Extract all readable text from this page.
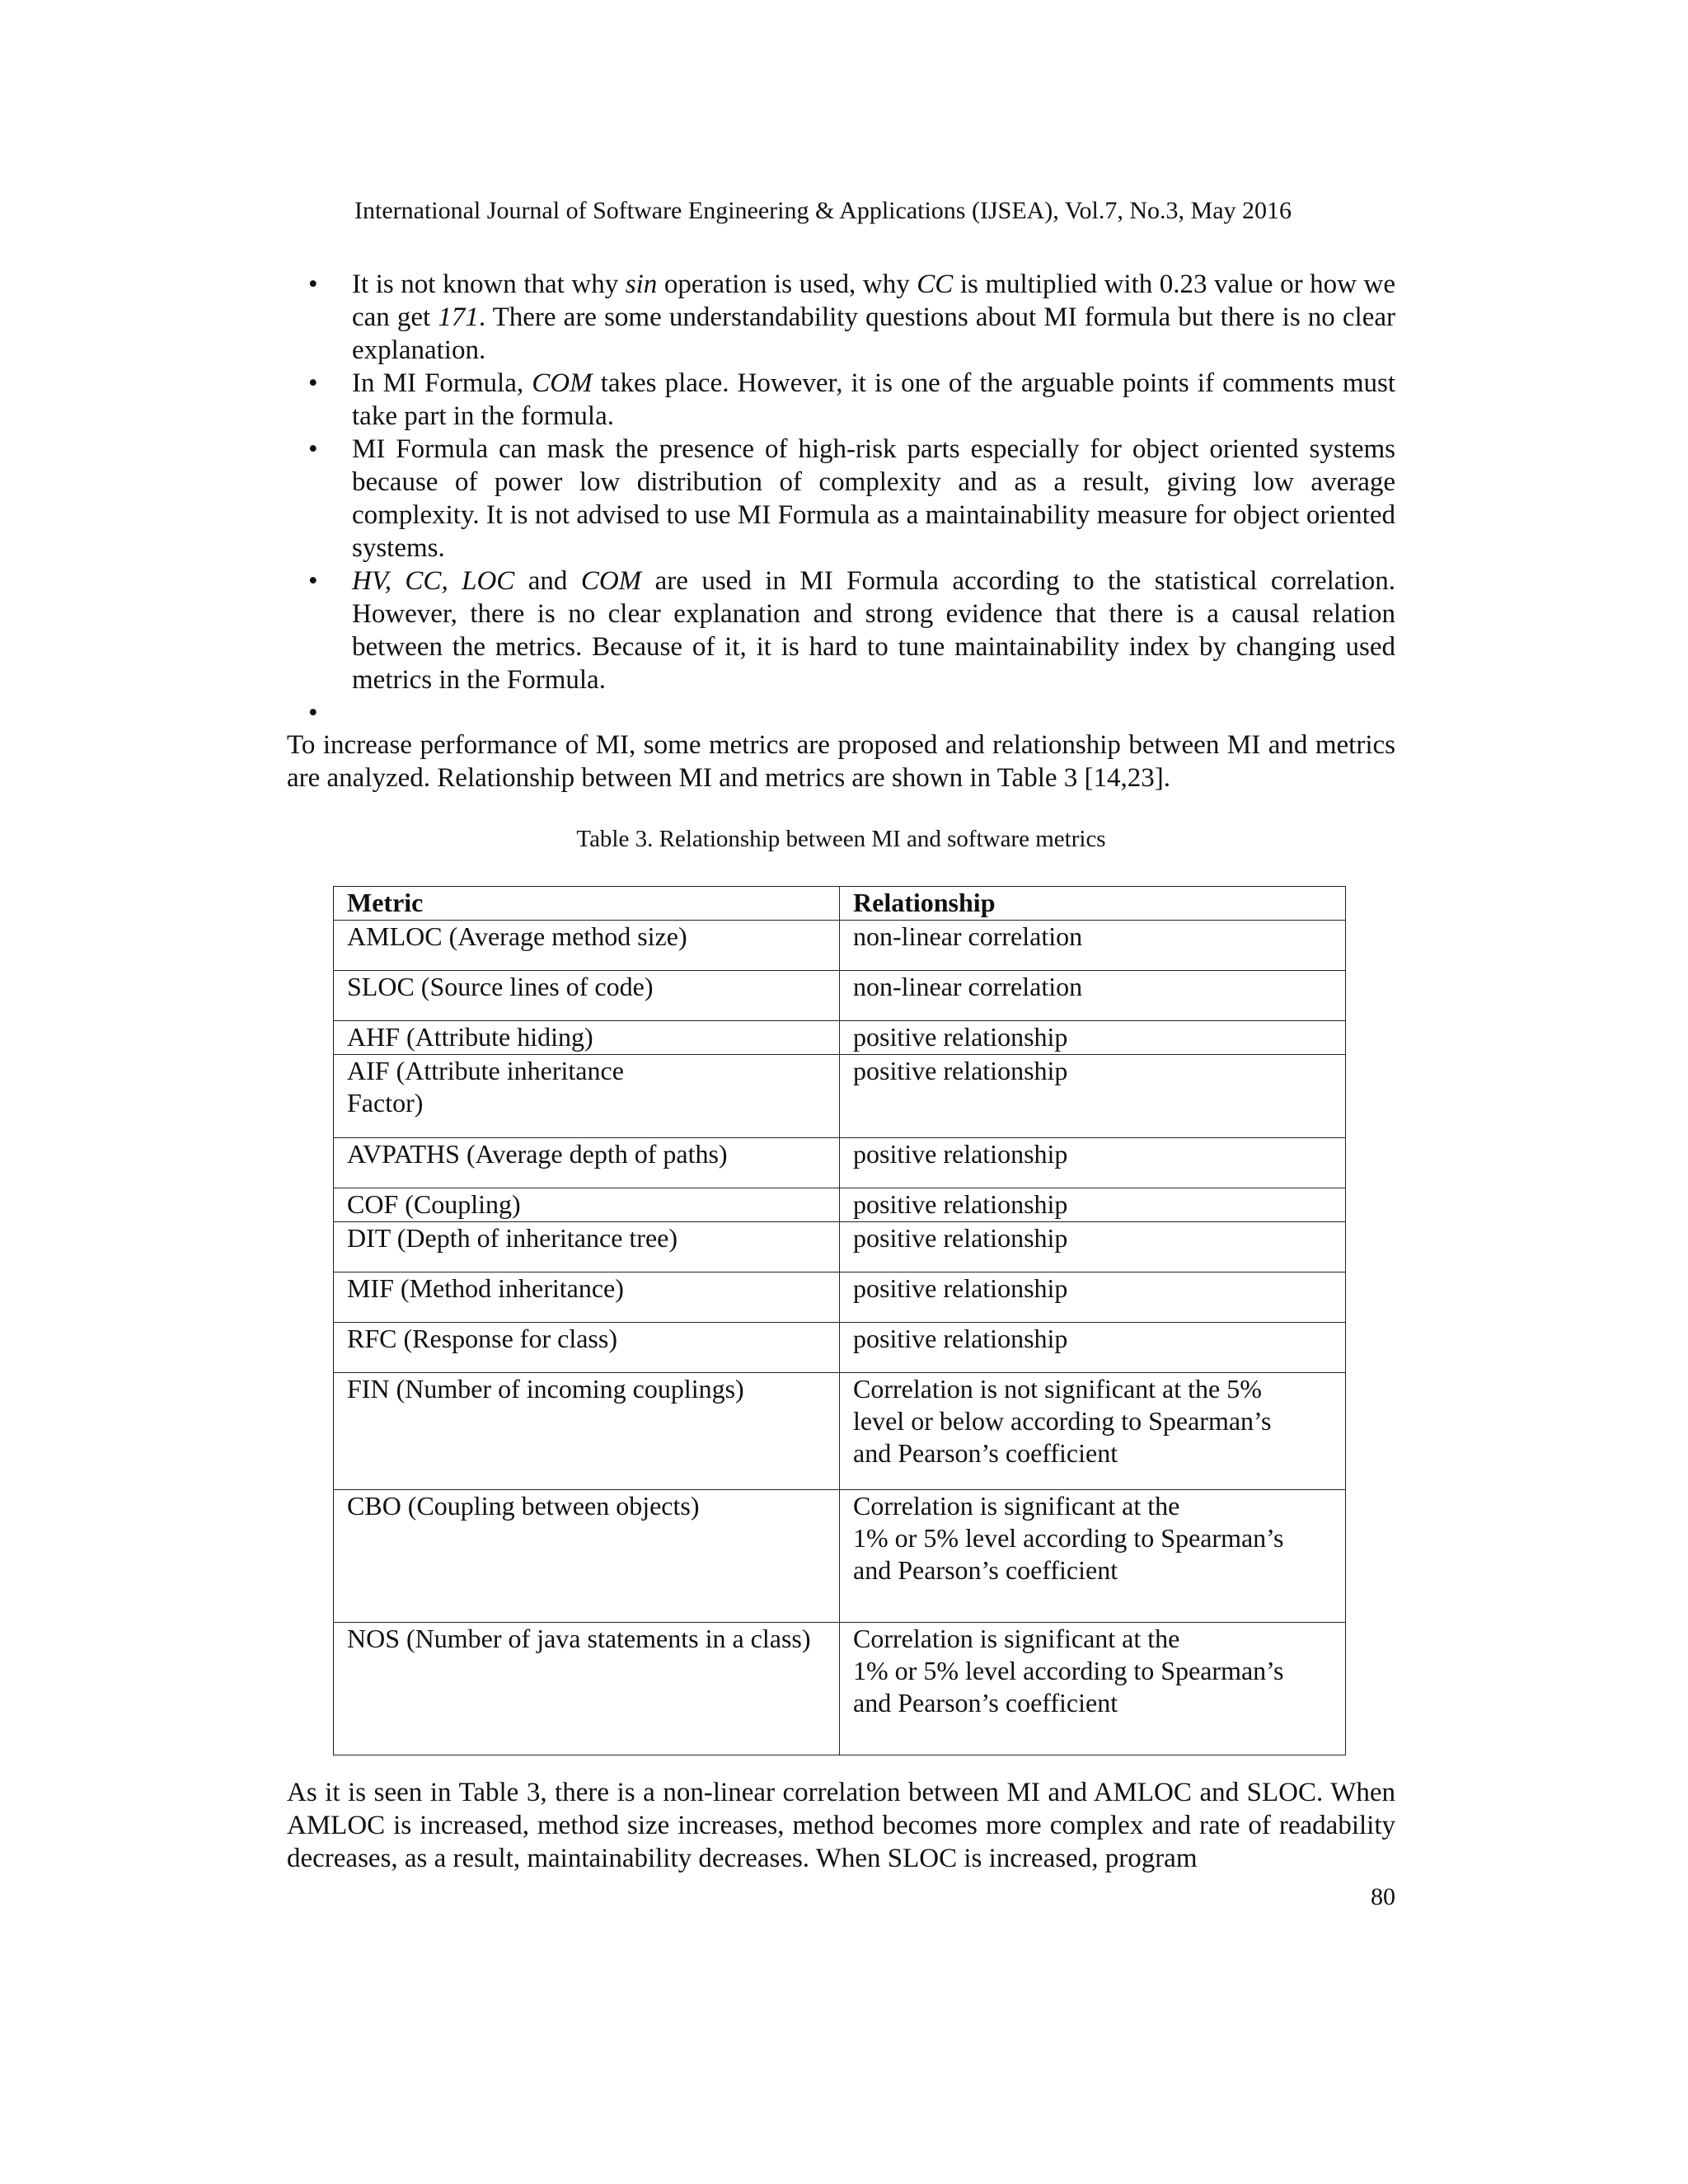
International Journal of Software Engineering & Applications (IJSEA), Vol.7, No.3, May 2016
• It is not known that why sin operation is used, why CC is multiplied with 0.23 value or how we can get 171. There are some understandability questions about MI formula but there is no clear explanation.
• In MI Formula, COM takes place. However, it is one of the arguable points if comments must take part in the formula.
• MI Formula can mask the presence of high-risk parts especially for object oriented systems because of power low distribution of complexity and as a result, giving low average complexity. It is not advised to use MI Formula as a maintainability measure for object oriented systems.
• HV, CC, LOC and COM are used in MI Formula according to the statistical correlation. However, there is no clear explanation and strong evidence that there is a causal relation between the metrics. Because of it, it is hard to tune maintainability index by changing used metrics in the Formula.
•

To increase performance of MI, some metrics are proposed and relationship between MI and metrics are analyzed. Relationship between MI and metrics are shown in Table 3 [14,23].

Table 3. Relationship between MI and software metrics
Metric	Relationship
AMLOC (Average method size)	non-linear correlation
SLOC (Source lines of code)	non-linear correlation
AHF (Attribute hiding)	positive relationship
AIF (Attribute inheritance
Factor)	positive relationship
AVPATHS (Average depth of paths)	positive relationship
COF (Coupling)	positive relationship
DIT (Depth of inheritance tree)	positive relationship
MIF (Method inheritance)	positive relationship
RFC (Response for class)	positive relationship
FIN (Number of incoming couplings)	Correlation is not significant at the 5%
level or below according to Spearman’s
and Pearson’s coefficient
CBO (Coupling between objects)	Correlation is significant at the
1% or 5% level according to Spearman’s
and Pearson’s coefficient
NOS (Number of java statements in a class)	Correlation is significant at the
1% or 5% level according to Spearman’s
and Pearson’s coefficient

As it is seen in Table 3, there is a non-linear correlation between MI and AMLOC and SLOC. When AMLOC is increased, method size increases, method becomes more complex and rate of readability decreases, as a result, maintainability decreases. When SLOC is increased, program

80
